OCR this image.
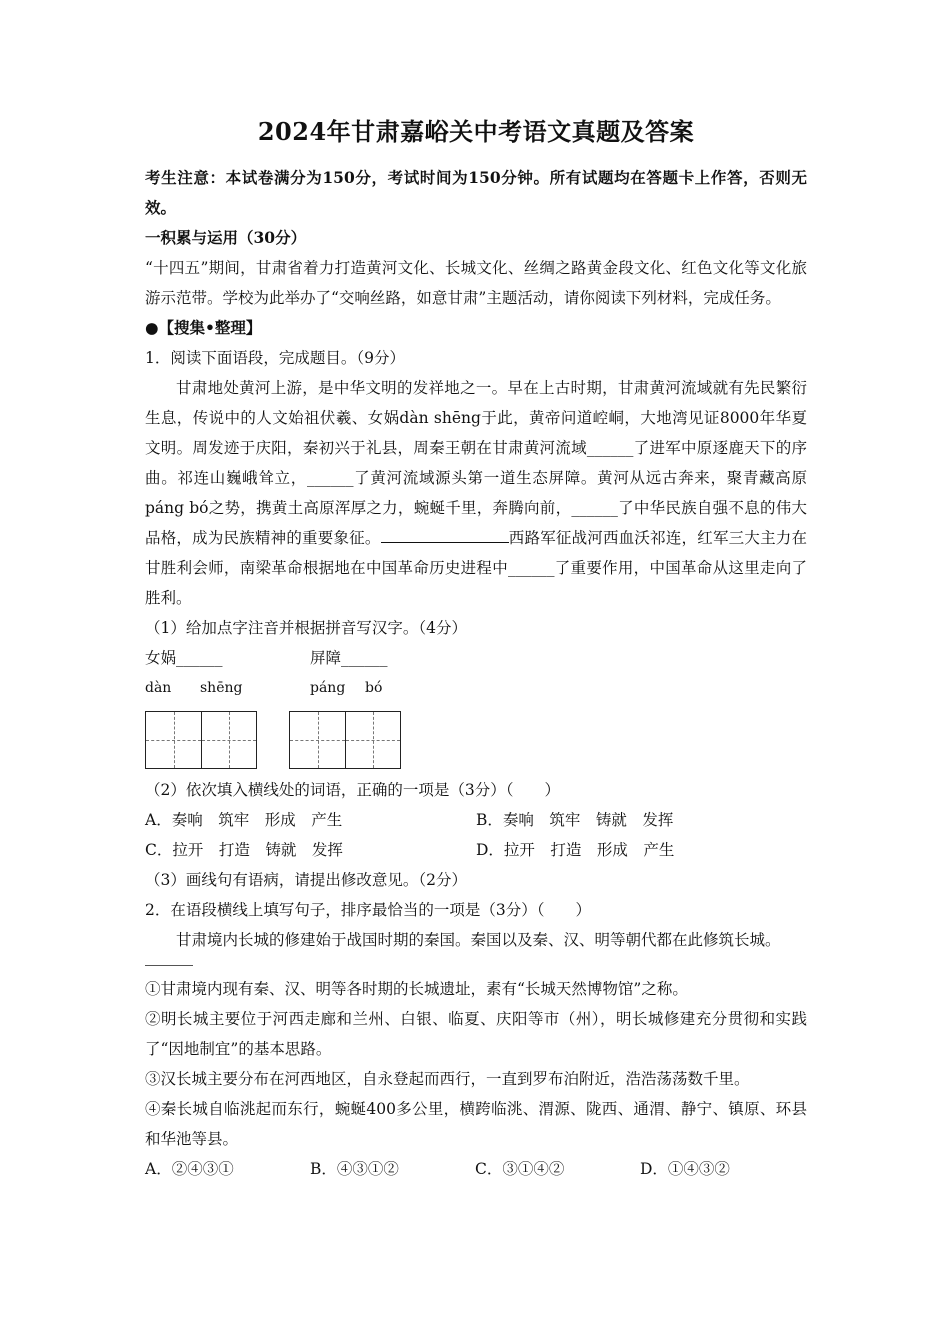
2024年甘肃嘉峪关中考语文真题及答案

考生注意：本试卷满分为150分，考试时间为150分钟。所有试题均在答题卡上作答，否则无效。

一积累与运用（30分）

“十四五”期间，甘肃省着力打造黄河文化、长城文化、丝绸之路黄金段文化、红色文化等文化旅游示范带。学校为此举办了“交响丝路，如意甘肃”主题活动，请你阅读下列材料，完成任务。

●【搜集•整理】

1．阅读下面语段，完成题目。（9分）

甘肃地处黄河上游，是中华文明的发祥地之一。早在上古时期，甘肃黄河流域就有先民繁衍生息，传说中的人文始祖伏羲、女娲dàn shēng于此，黄帝问道崆峒，大地湾见证8000年华夏文明。周发迹于庆阳，秦初兴于礼县，周秦王朝在甘肃黄河流域______了进军中原逐鹿天下的序曲。祁连山巍峨耸立，______了黄河流域源头第一道生态屏障。黄河从远古奔来，聚青藏高原páng bó之势，携黄土高原浑厚之力，蜿蜒千里，奔腾向前，______了中华民族自强不息的伟大品格，成为民族精神的重要象征。	西路军征战河西血沃祁连，红军三大主力在甘胜利会师，南梁革命根据地在中国革命历史进程中______了重要作用，中国革命从这里走向了胜利。

（1）给加点字注音并根据拼音写汉字。（4分）

女娲______	屏障______
dàn	shēng	páng	bó

（2）依次填入横线处的词语，正确的一项是（3分）（　　）

A．奏响　筑牢　形成　产生	B．奏响　筑牢　铸就　发挥
C．拉开　打造　铸就　发挥	D．拉开　打造　形成　产生

（3）画线句有语病，请提出修改意见。（2分）

2．在语段横线上填写句子，排序最恰当的一项是（3分）（　　）

甘肃境内长城的修建始于战国时期的秦国。秦国以及秦、汉、明等朝代都在此修筑长城。

①甘肃境内现有秦、汉、明等各时期的长城遗址，素有“长城天然博物馆”之称。

②明长城主要位于河西走廊和兰州、白银、临夏、庆阳等市（州），明长城修建充分贯彻和实践了“因地制宜”的基本思路。

③汉长城主要分布在河西地区，自永登起而西行，一直到罗布泊附近，浩浩荡荡数千里。

④秦长城自临洮起而东行，蜿蜒400多公里，横跨临洮、渭源、陇西、通渭、静宁、镇原、环县和华池等县。

A．②④③①	B．④③①②	C．③①④②	D．①④③②
